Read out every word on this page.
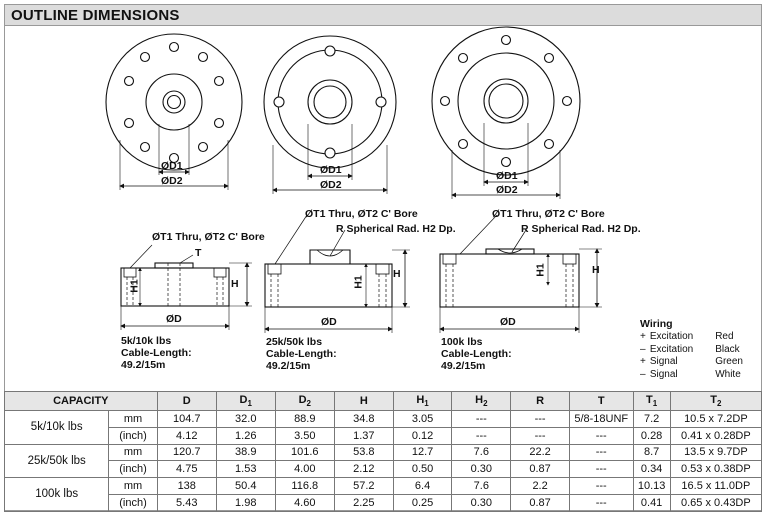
OUTLINE DIMENSIONS
ØD1
ØD2
ØD1
ØD2
ØD1
ØD2
ØT1 Thru, ØT2 C' Bore
T
H
H1
ØD
5k/10k lbs
Cable-Length:
49.2/15m
ØT1 Thru, ØT2 C' Bore
R Spherical Rad. H2 Dp.
H
H1
ØD
25k/50k lbs
Cable-Length:
49.2/15m
ØT1 Thru, ØT2 C' Bore
R Spherical Rad. H2 Dp.
H
H1
ØD
100k lbs
Cable-Length:
49.2/15m
Wiring
+	Excitation	Red
–	Excitation	Black
+	Signal	Green
–	Signal	White
CAPACITY		D	$D_1$	$D_2$	H	$H_1$	$H_2$	R	T	$T_1$	$T_2$
5k/10k lbs	mm	104.7	32.0	88.9	34.8	3.05	---	---	5/8-18UNF	7.2	10.5 x 7.2DP
	(inch)	4.12	1.26	3.50	1.37	0.12	---	---	---	0.28	0.41 x 0.28DP
25k/50k lbs	mm	120.7	38.9	101.6	53.8	12.7	7.6	22.2	---	8.7	13.5 x 9.7DP
	(inch)	4.75	1.53	4.00	2.12	0.50	0.30	0.87	---	0.34	0.53 x 0.38DP
100k lbs	mm	138	50.4	116.8	57.2	6.4	7.6	2.2	---	10.13	16.5 x 11.0DP
	(inch)	5.43	1.98	4.60	2.25	0.25	0.30	0.87	---	0.41	0.65 x 0.43DP
